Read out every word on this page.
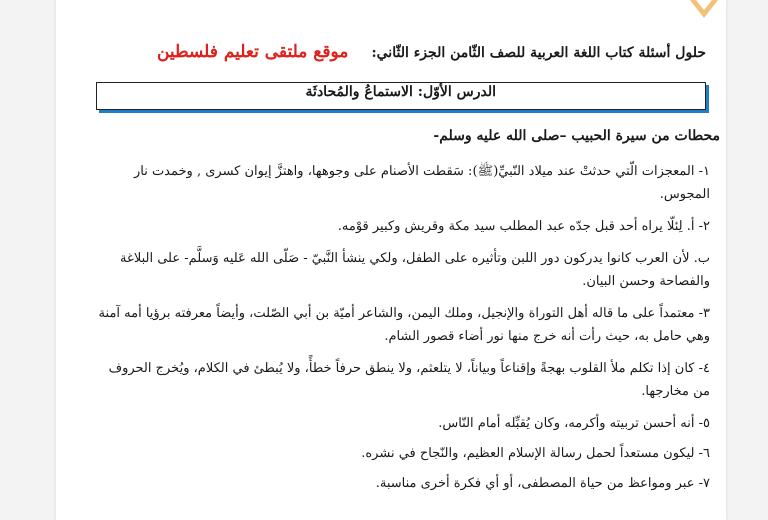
حلول أسئلة كتاب اللغة العربية للصف الثّامن الجزء الثّاني: موقع ملتقى تعليم فلسطين
الدرس الأوّل: الاستماعُ والمُحادثَة
محطات من سيرة الحبيب –صلى الله عليه وسلم-

١- المعجزات الّتي حدثتْ عند ميلاد النّبيِّ(ﷺ): سَقطت الأصنام على وجوهها، واهتزَّ إيوان كسرى , وخمدت نار المجوس.

٢- أ. لِئلّا يراه أحد قبل جدّه عبد المطلب سيد مكة وقريش وكبير قوْمه.

ب. لأن العرب كانوا يدركون دور اللبن وتأثيره على الطفل، ولكي ينشأ النَّبيّ - صَلّى الله عَليه وَسلَّم- على البلاغة والفصاحة وحسن البيان.

٣- معتمداً على ما قاله أهل التوراة والإنجيل، وملك اليمن، والشاعر أميّة بن أبي الصّلت، وأيضاً معرفته برؤيا أمه آمنة وهي حامل به، حيث رأت أنه خرج منها نور أضاء قصور الشام.

٤- كان إذا تكلم ملأ القلوب بهجةً وإقناعاً وبياناً، لا يتلعثم، ولا ينطق حرفاً خطأً، ولا يُبطئ في الكلام، ويُخرج الحروف من مخارجها.

٥- أنه أحسن تربيته وأكرمه، وكان يُقبِّله أمام النّاس.

٦- ليكون مستعداً لحمل رسالة الإسلام العظيم، والنّجاح في نشره.

٧- عبر ومواعظ من حياة المصطفى، أو أي فكرة أخرى مناسبة.
